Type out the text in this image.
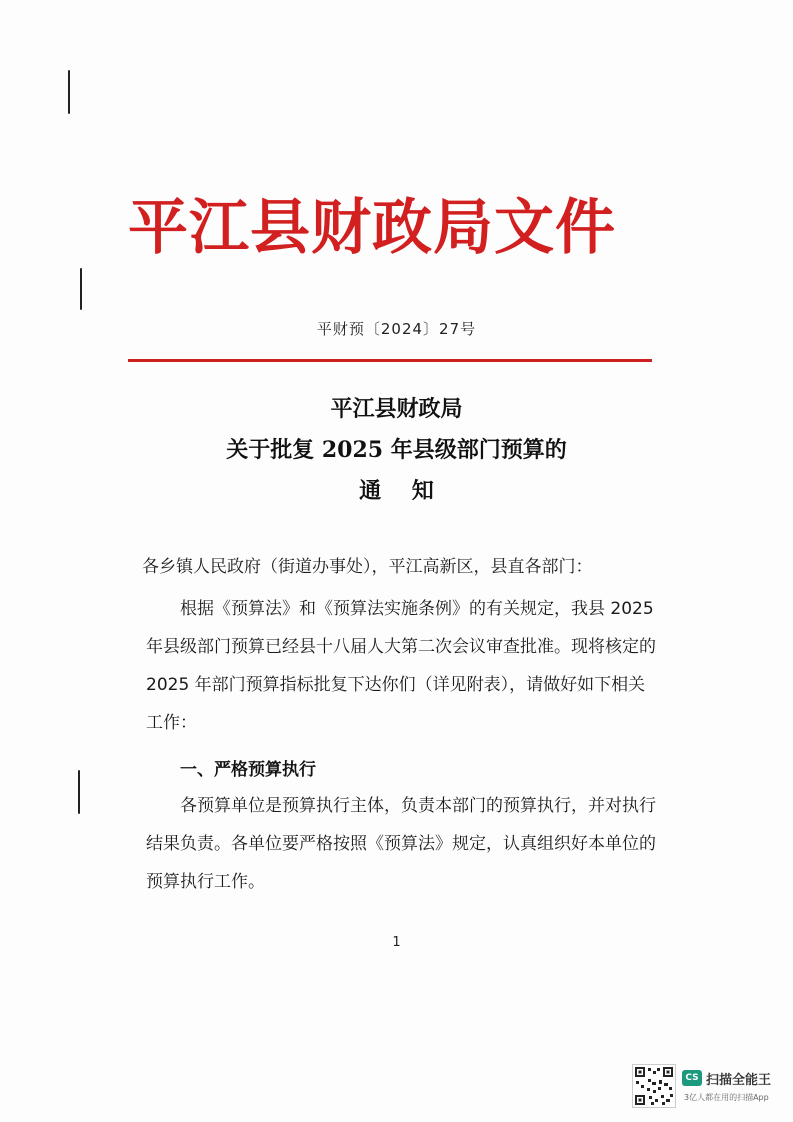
平江县财政局文件
平财预〔2024〕27号
平江县财政局
关于批复 2025 年县级部门预算的
通    知

各乡镇人民政府（街道办事处），平江高新区，县直各部门：

根据《预算法》和《预算法实施条例》的有关规定，我县 2025 年县级部门预算已经县十八届人大第二次会议审查批准。现将核定的 2025 年部门预算指标批复下达你们（详见附表），请做好如下相关工作：

一、严格预算执行

各预算单位是预算执行主体，负责本部门的预算执行，并对执行结果负责。各单位要严格按照《预算法》规定，认真组织好本单位的预算执行工作。

1
CS 扫描全能王
3亿人都在用的扫描App
